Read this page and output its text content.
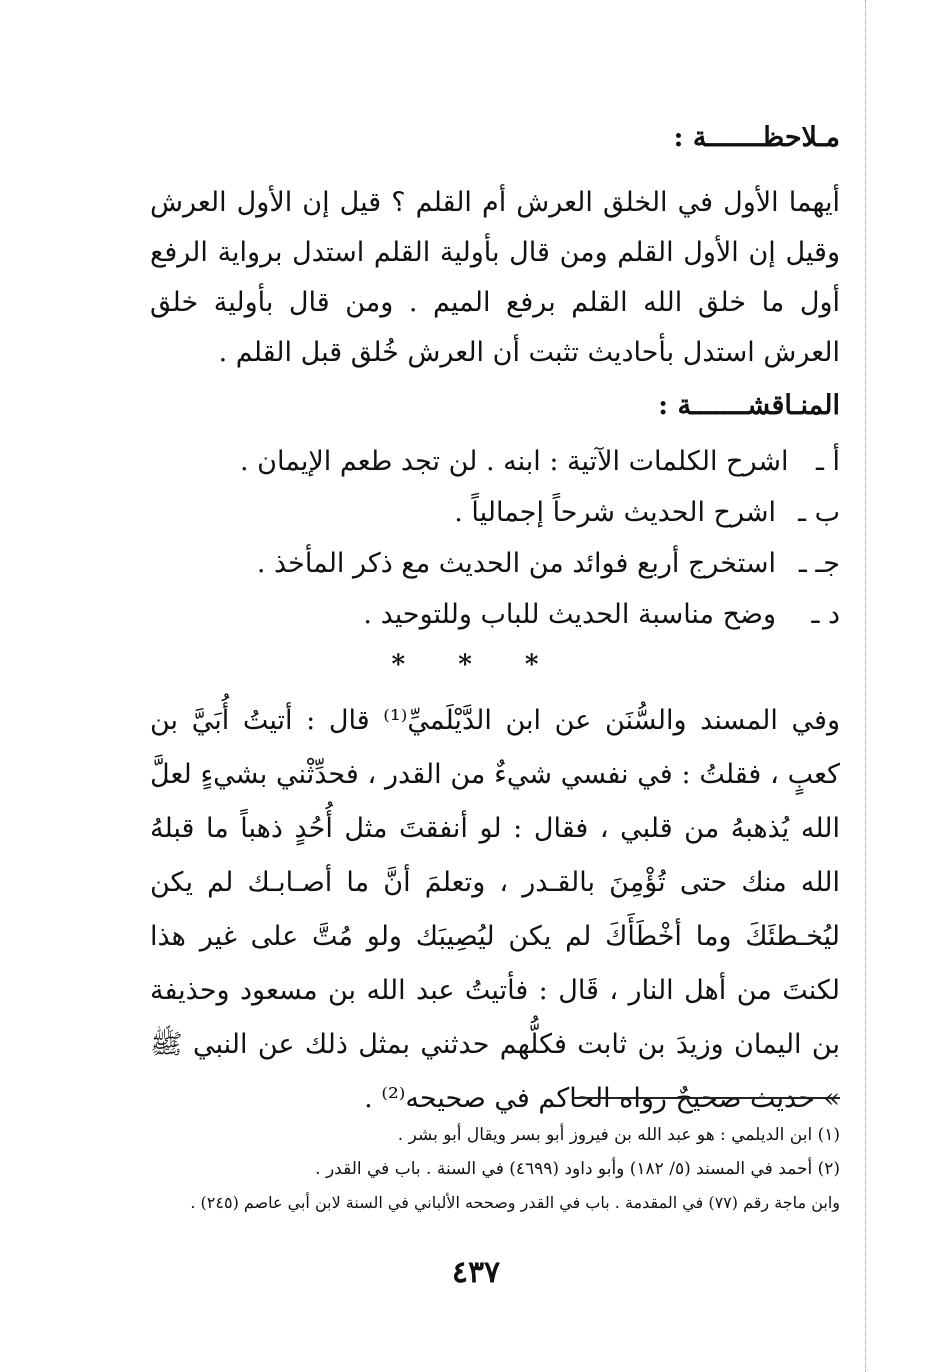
مـلاحظـــــــة :
أيهما الأول في الخلق العرش أم القلم ؟ قيل إن الأول العرش وقيل إن الأول القلم ومن قال بأولية القلم استدل برواية الرفع أول ما خلق الله القلم برفع الميم . ومن قال بأولية خلق العرش استدل بأحاديث تثبت أن العرش خُلق قبل القلم .
المنـاقشـــــــة :
أ ـ
اشرح الكلمات الآتية : ابنه . لن تجد طعم الإيمان .
ب ـ
اشرح الحديث شرحاً إجمالياً .
جـ ـ
استخرج أربع فوائد من الحديث مع ذكر المأخذ .
د ـ
وضح مناسبة الحديث للباب وللتوحيد .
* * *
وفي المسند والسُّنَن عن ابن الدَّيْلَميِّ⁽¹⁾ قال : أتيتُ أُبَيَّ بن كعبٍ ، فقلتُ : في نفسي شيءٌ من القدر ، فحدِّثْني بشيءٍ لعلَّ الله يُذهبهُ من قلبي ، فقال : لو أنفقتَ مثل أُحُدٍ ذهباً ما قبلهُ الله منك حتى تُؤْمِنَ بالقـدر ، وتعلمَ أنَّ ما أصـابـك لم يكن ليُخـطئَكَ وما أخْطَأَكَ لم يكن ليُصِيبَك ولو مُتَّ على غير هذا لكنتَ من أهل النار ، قَال : فأتيتُ عبد الله بن مسعود وحذيفة بن اليمان وزيدَ بن ثابت فكلُّهم حدثني بمثل ذلك عن النبي ﷺ » حديث صحيحٌ رواه الحاكم في صحيحه⁽²⁾ .
(١) ابن الديلمي : هو عبد الله بن فيروز أبو بسر ويقال أبو بشر .
(٢) أحمد في المسند (٥/ ١٨٢) وأبو داود (٤٦٩٩) في السنة . باب في القدر .
وابن ماجة رقم (٧٧) في المقدمة . باب في القدر وصححه الألباني في السنة لابن أبي عاصم (٢٤٥) .
٤٣٧
